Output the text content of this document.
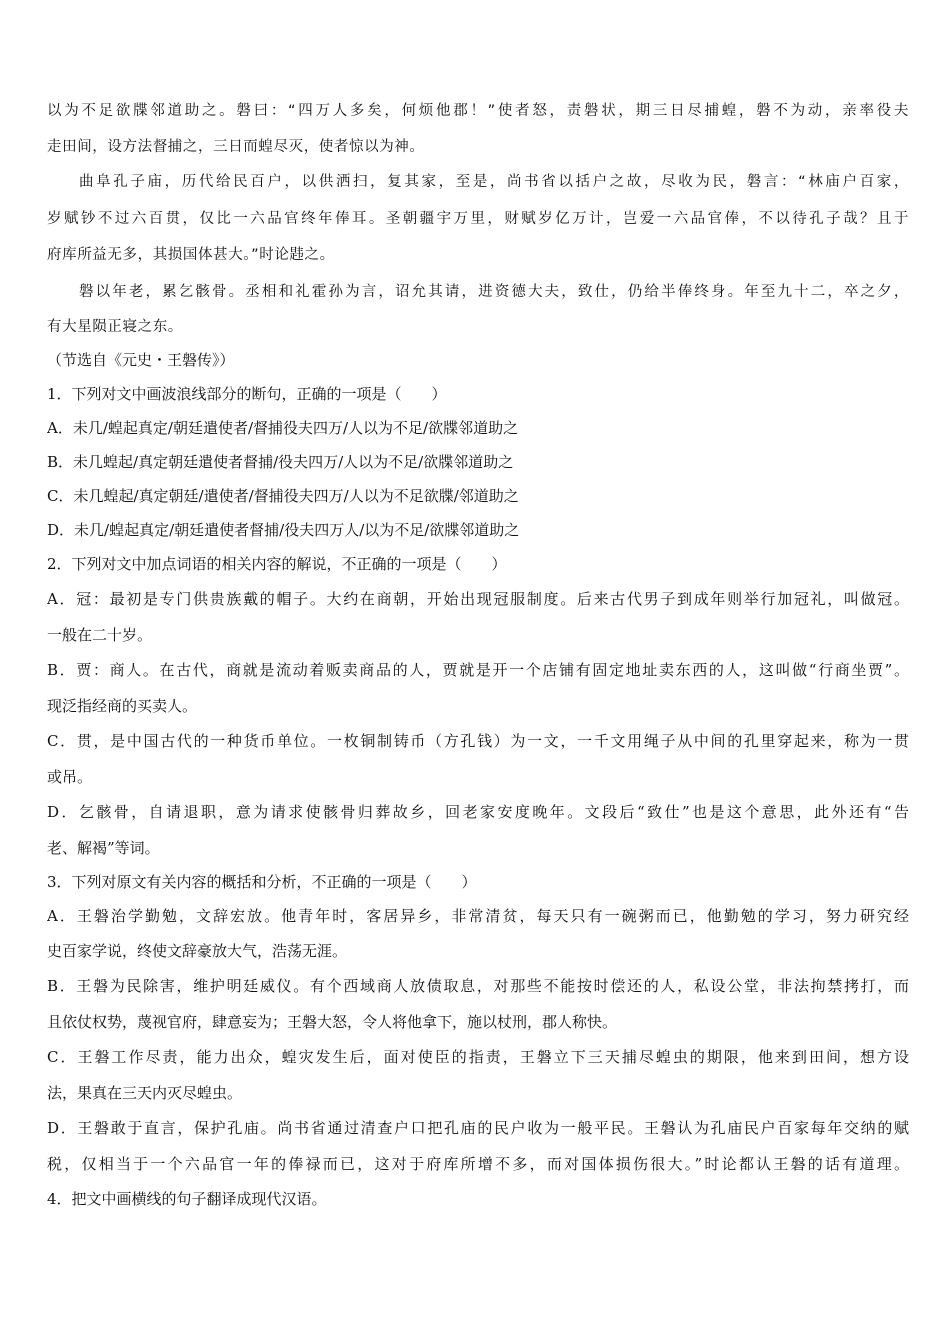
以为不足欲牒邻道助之。磐曰：“四万人多矣，何烦他郡！”使者怒，责磐状，期三日尽捕蝗，磐不为动，亲率役夫
走田间，设方法督捕之，三日而蝗尽灭，使者惊以为神。
曲阜孔子庙，历代给民百户，以供洒扫，复其家，至是，尚书省以括户之故，尽收为民，磐言：“林庙户百家，
岁赋钞不过六百贯，仅比一六品官终年俸耳。圣朝疆宇万里，财赋岁亿万计，岂爱一六品官俸，不以待孔子哉？且于
府库所益无多，其损国体甚大。”时论韪之。
磐以年老，累乞骸骨。丞相和礼霍孙为言，诏允其请，进资德大夫，致仕，仍给半俸终身。年至九十二，卒之夕，
有大星陨正寝之东。
（节选自《元史・王磐传》）
1．下列对文中画波浪线部分的断句，正确的一项是（　　）
A．未几/蝗起真定/朝廷遣使者/督捕役夫四万/人以为不足/欲牒邻道助之
B．未几蝗起/真定朝廷遣使者督捕/役夫四万/人以为不足/欲牒邻道助之
C．未几蝗起/真定朝廷/遣使者/督捕役夫四万/人以为不足欲牒/邻道助之
D．未几/蝗起真定/朝廷遣使者督捕/役夫四万人/以为不足/欲牒邻道助之
2．下列对文中加点词语的相关内容的解说，不正确的一项是（　　）
A．冠：最初是专门供贵族戴的帽子。大约在商朝，开始出现冠服制度。后来古代男子到成年则举行加冠礼，叫做冠。
一般在二十岁。
B．贾：商人。在古代，商就是流动着贩卖商品的人，贾就是开一个店铺有固定地址卖东西的人，这叫做“行商坐贾”。
现泛指经商的买卖人。
C．贯，是中国古代的一种货币单位。一枚铜制铸币（方孔钱）为一文，一千文用绳子从中间的孔里穿起来，称为一贯
或吊。
D．乞骸骨，自请退职，意为请求使骸骨归葬故乡，回老家安度晚年。文段后“致仕”也是这个意思，此外还有“告
老、解褐”等词。
3．下列对原文有关内容的概括和分析，不正确的一项是（　　）
A．王磐治学勤勉，文辞宏放。他青年时，客居异乡，非常清贫，每天只有一碗粥而已，他勤勉的学习，努力研究经
史百家学说，终使文辞豪放大气，浩荡无涯。
B．王磐为民除害，维护明廷威仪。有个西域商人放债取息，对那些不能按时偿还的人，私设公堂，非法拘禁拷打，而
且依仗权势，蔑视官府，肆意妄为；王磐大怒，令人将他拿下，施以杖刑，郡人称快。
C．王磐工作尽责，能力出众，蝗灾发生后，面对使臣的指责，王磐立下三天捕尽蝗虫的期限，他来到田间，想方设
法，果真在三天内灭尽蝗虫。
D．王磐敢于直言，保护孔庙。尚书省通过清查户口把孔庙的民户收为一般平民。王磐认为孔庙民户百家每年交纳的赋
税，仅相当于一个六品官一年的俸禄而已，这对于府库所增不多，而对国体损伤很大。”时论都认王磐的话有道理。
4．把文中画横线的句子翻译成现代汉语。
